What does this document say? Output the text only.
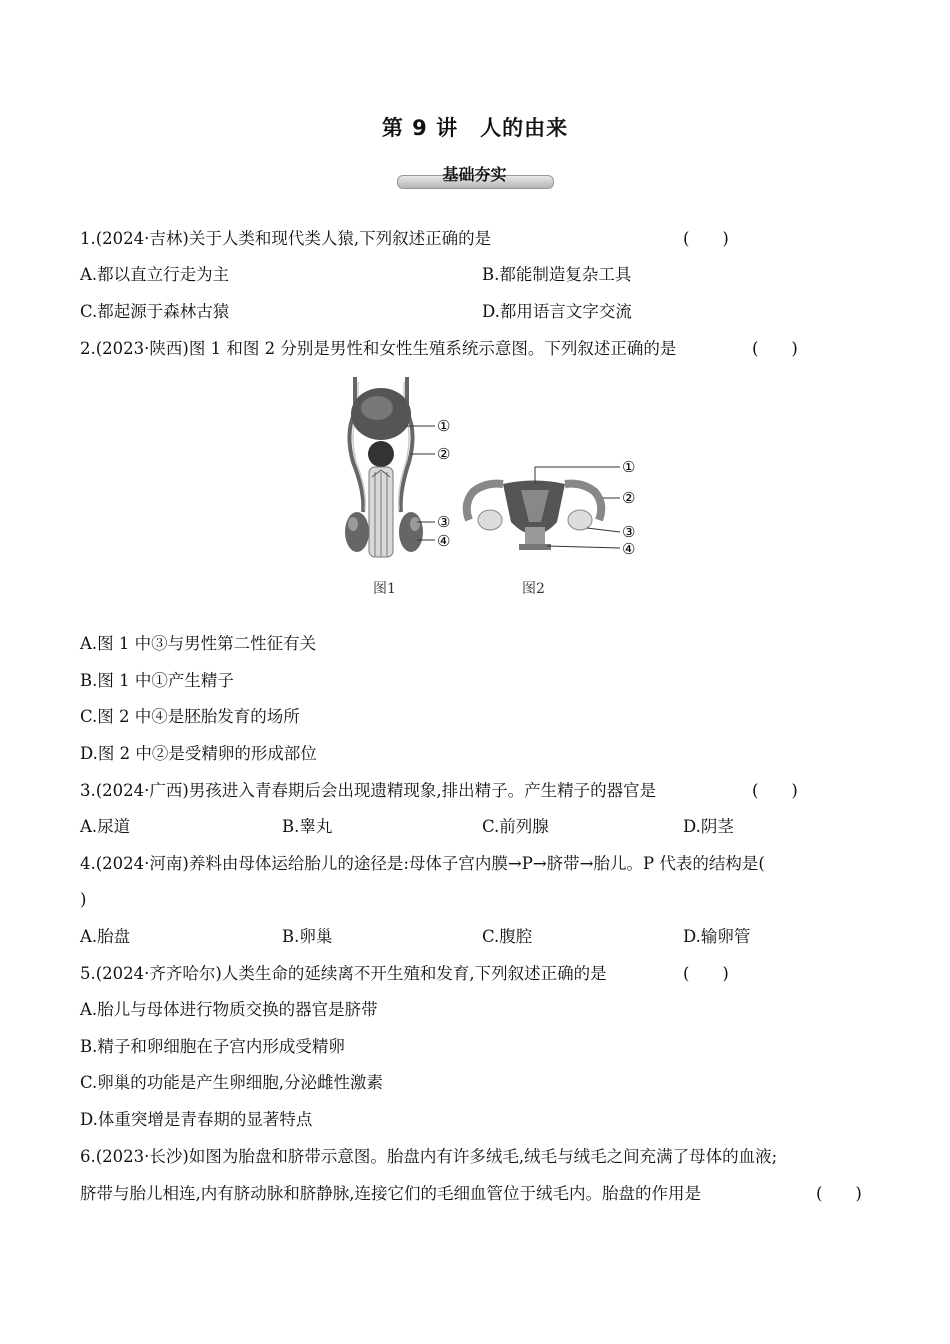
第 9 讲　人的由来
基础夯实
1.(2024·吉林)关于人类和现代类人猿,下列叙述正确的是	(　　)
A.都以直立行走为主	B.都能制造复杂工具
C.都起源于森林古猿	D.都用语言文字交流
2.(2023·陕西)图 1 和图 2 分别是男性和女性生殖系统示意图。下列叙述正确的是	(　　)
①
②
③
④
图1
①
②
③
④
图2
A.图 1 中③与男性第二性征有关
B.图 1 中①产生精子
C.图 2 中④是胚胎发育的场所
D.图 2 中②是受精卵的形成部位
3.(2024·广西)男孩进入青春期后会出现遗精现象,排出精子。产生精子的器官是	(　　)
A.尿道	B.睾丸	C.前列腺	D.阴茎
4.(2024·河南)养料由母体运给胎儿的途径是:母体子宫内膜→P→脐带→胎儿。P 代表的结构是(
)
A.胎盘	B.卵巢	C.腹腔	D.输卵管
5.(2024·齐齐哈尔)人类生命的延续离不开生殖和发育,下列叙述正确的是	(　　)
A.胎儿与母体进行物质交换的器官是脐带
B.精子和卵细胞在子宫内形成受精卵
C.卵巢的功能是产生卵细胞,分泌雌性激素
D.体重突增是青春期的显著特点
6.(2023·长沙)如图为胎盘和脐带示意图。胎盘内有许多绒毛,绒毛与绒毛之间充满了母体的血液;
脐带与胎儿相连,内有脐动脉和脐静脉,连接它们的毛细血管位于绒毛内。胎盘的作用是	(　　)
